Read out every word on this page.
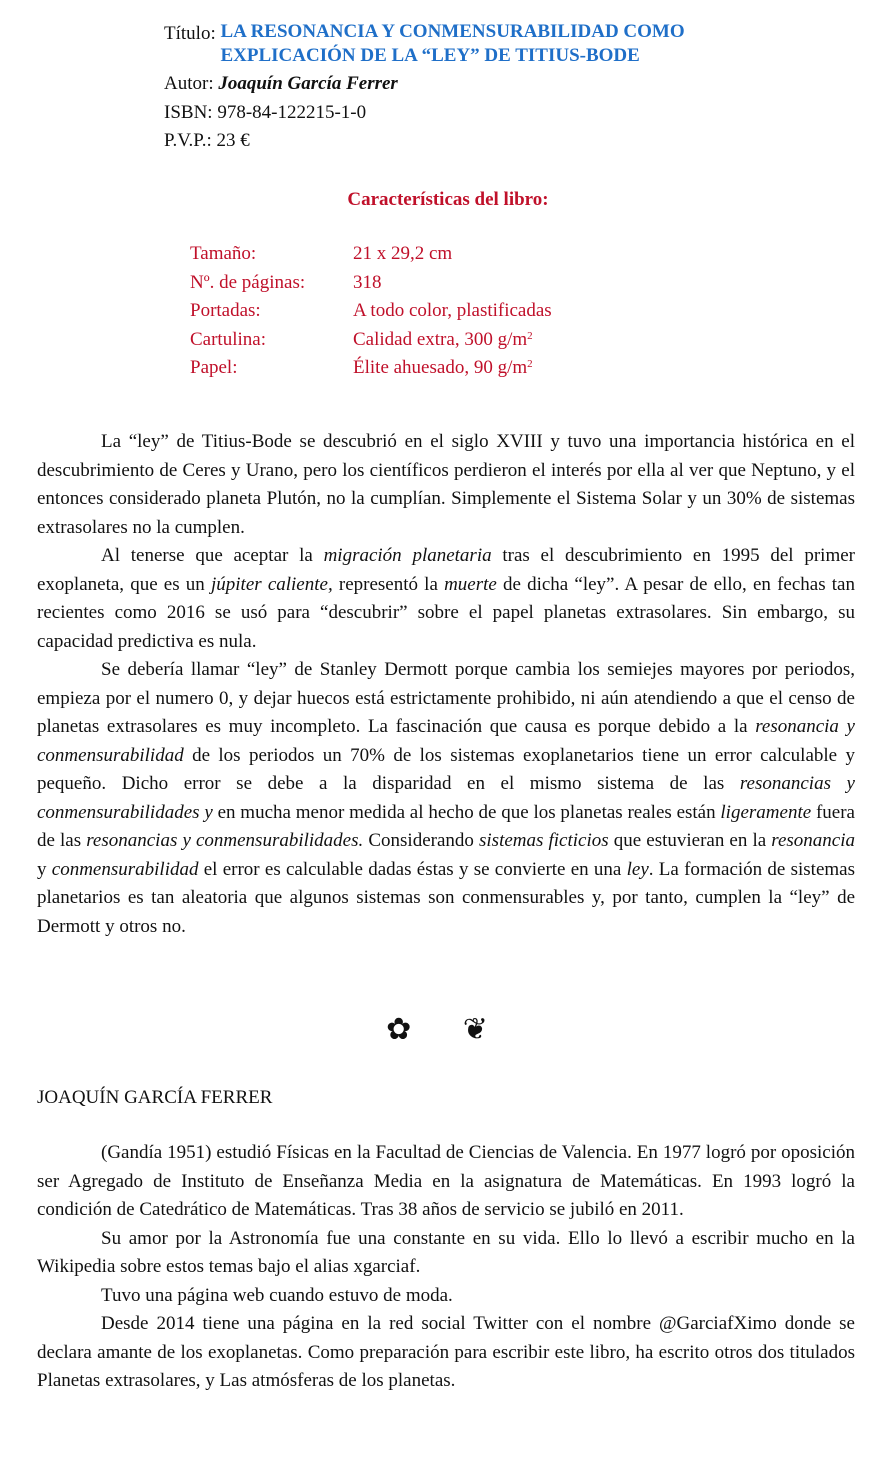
Título: LA RESONANCIA Y CONMENSURABILIDAD COMO
EXPLICACIÓN DE LA “LEY” DE TITIUS-BODE
Autor: Joaquín García Ferrer
ISBN: 978-84-122215-1-0
P.V.P.: 23 €
Características del libro:
Tamaño:	21 x 29,2 cm
Nº. de páginas:	318
Portadas:	A todo color, plastificadas
Cartulina:	Calidad extra, 300 $g/m^2$
Papel:	Élite ahuesado, 90 $g/m^2$

La “ley” de Titius-Bode se descubrió en el siglo XVIII y tuvo una importancia histórica en el descubrimiento de Ceres y Urano, pero los científicos perdieron el interés por ella al ver que Neptuno, y el entonces considerado planeta Plutón, no la cumplían. Simplemente el Sistema Solar y un 30% de sistemas extrasolares no la cumplen.

Al tenerse que aceptar la migración planetaria tras el descubrimiento en 1995 del primer exoplaneta, que es un júpiter caliente, representó la muerte de dicha “ley”. A pesar de ello, en fechas tan recientes como 2016 se usó para “descubrir” sobre el papel planetas extrasolares. Sin embargo, su capacidad predictiva es nula.

Se debería llamar “ley” de Stanley Dermott porque cambia los semiejes mayores por periodos, empieza por el numero 0, y dejar huecos está estrictamente prohibido, ni aún atendiendo a que el censo de planetas extrasolares es muy incompleto. La fascinación que causa es porque debido a la resonancia y conmensurabilidad de los periodos un 70% de los sistemas exoplanetarios tiene un error calculable y pequeño. Dicho error se debe a la disparidad en el mismo sistema de las resonancias y conmensurabilidades y en mucha menor medida al hecho de que los planetas reales están ligeramente fuera de las resonancias y conmensurabilidades. Considerando sistemas ficticios que estuvieran en la resonancia y conmensurabilidad el error es calculable dadas éstas y se convierte en una ley. La formación de sistemas planetarios es tan aleatoria que algunos sistemas son conmensurables y, por tanto, cumplen la “ley” de Dermott y otros no.

✿ ❦
JOAQUÍN GARCÍA FERRER

(Gandía 1951) estudió Físicas en la Facultad de Ciencias de Valencia. En 1977 logró por oposición ser Agregado de Instituto de Enseñanza Media en la asignatura de Matemáticas. En 1993 logró la condición de Catedrático de Matemáticas. Tras 38 años de servicio se jubiló en 2011.

Su amor por la Astronomía fue una constante en su vida. Ello lo llevó a escribir mucho en la Wikipedia sobre estos temas bajo el alias xgarciaf.

Tuvo una página web cuando estuvo de moda.

Desde 2014 tiene una página en la red social Twitter con el nombre @GarciafXimo donde se declara amante de los exoplanetas. Como preparación para escribir este libro, ha escrito otros dos titulados Planetas extrasolares, y Las atmósferas de los planetas.
